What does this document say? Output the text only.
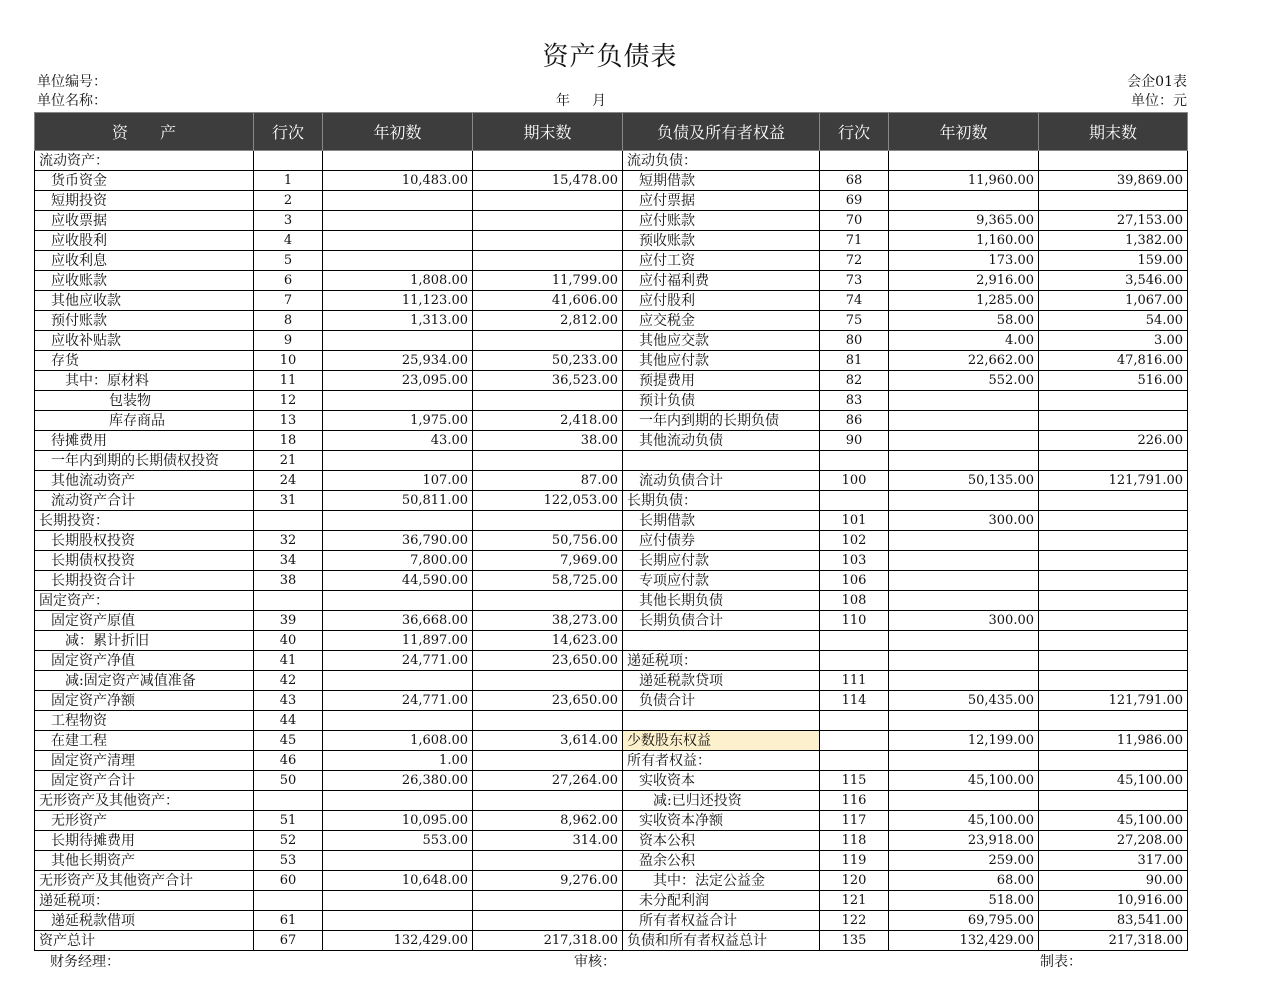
资产负债表
单位编号：
单位名称：	年 月
会企01表
单位：元
资　　产	行次	年初数	期末数	负债及所有者权益	行次	年初数	期末数
流动资产：				流动负债：			
货币资金	1	10,483.00	15,478.00	短期借款	68	11,960.00	39,869.00
短期投资	2			应付票据	69		
应收票据	3			应付账款	70	9,365.00	27,153.00
应收股利	4			预收账款	71	1,160.00	1,382.00
应收利息	5			应付工资	72	173.00	159.00
应收账款	6	1,808.00	11,799.00	应付福利费	73	2,916.00	3,546.00
其他应收款	7	11,123.00	41,606.00	应付股利	74	1,285.00	1,067.00
预付账款	8	1,313.00	2,812.00	应交税金	75	58.00	54.00
应收补贴款	9			其他应交款	80	4.00	3.00
存货	10	25,934.00	50,233.00	其他应付款	81	22,662.00	47,816.00
其中：原材料	11	23,095.00	36,523.00	预提费用	82	552.00	516.00
包装物	12			预计负债	83		
库存商品	13	1,975.00	2,418.00	一年内到期的长期负债	86		
待摊费用	18	43.00	38.00	其他流动负债	90		226.00
一年内到期的长期债权投资	21						
其他流动资产	24	107.00	87.00	流动负债合计	100	50,135.00	121,791.00
流动资产合计	31	50,811.00	122,053.00	长期负债：			
长期投资：				长期借款	101	300.00	
长期股权投资	32	36,790.00	50,756.00	应付债券	102		
长期债权投资	34	7,800.00	7,969.00	长期应付款	103		
长期投资合计	38	44,590.00	58,725.00	专项应付款	106		
固定资产：				其他长期负债	108		
固定资产原值	39	36,668.00	38,273.00	长期负债合计	110	300.00	
减：累计折旧	40	11,897.00	14,623.00				
固定资产净值	41	24,771.00	23,650.00	递延税项：			
减:固定资产减值准备	42			递延税款贷项	111		
固定资产净额	43	24,771.00	23,650.00	负债合计	114	50,435.00	121,791.00
工程物资	44						
在建工程	45	1,608.00	3,614.00	少数股东权益		12,199.00	11,986.00
固定资产清理	46	1.00		所有者权益：			
固定资产合计	50	26,380.00	27,264.00	实收资本	115	45,100.00	45,100.00
无形资产及其他资产：				减:已归还投资	116		
无形资产	51	10,095.00	8,962.00	实收资本净额	117	45,100.00	45,100.00
长期待摊费用	52	553.00	314.00	资本公积	118	23,918.00	27,208.00
其他长期资产	53			盈余公积	119	259.00	317.00
无形资产及其他资产合计	60	10,648.00	9,276.00	其中：法定公益金	120	68.00	90.00
递延税项：				未分配利润	121	518.00	10,916.00
递延税款借项	61			所有者权益合计	122	69,795.00	83,541.00
资产总计	67	132,429.00	217,318.00	负债和所有者权益总计	135	132,429.00	217,318.00
财务经理：	审核：	制表：
